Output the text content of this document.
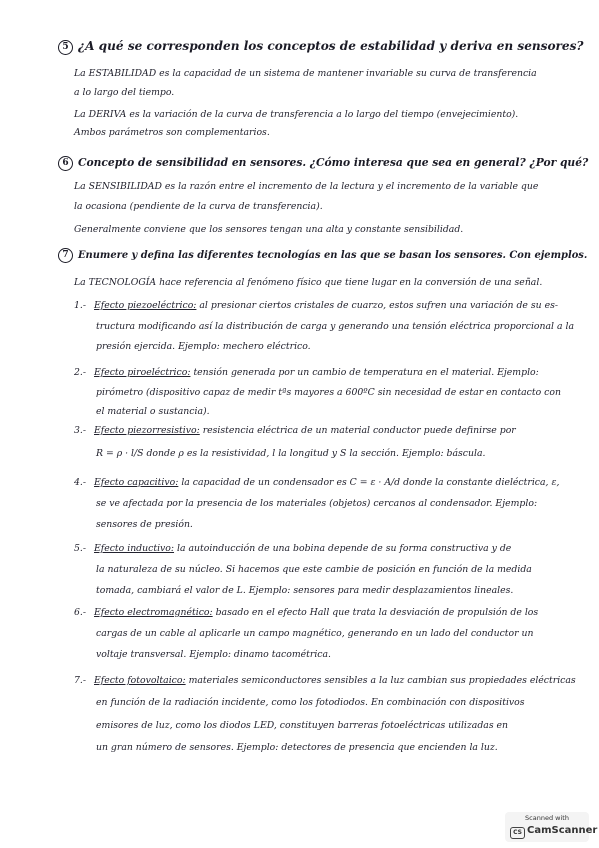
5 ¿A qué se corresponden los conceptos de estabilidad y deriva en sensores?
La ESTABILIDAD es la capacidad de un sistema de mantener invariable su curva de transferencia
a lo largo del tiempo.
La DERIVA es la variación de la curva de transferencia a lo largo del tiempo (envejecimiento).
Ambos parámetros son complementarios.
6 Concepto de sensibilidad en sensores. ¿Cómo interesa que sea en general? ¿Por qué?
La SENSIBILIDAD es la razón entre el incremento de la lectura y el incremento de la variable que
la ocasiona (pendiente de la curva de transferencia).
Generalmente conviene que los sensores tengan una alta y constante sensibilidad.
7 Enumere y defina las diferentes tecnologías en las que se basan los sensores. Con ejemplos.
La TECNOLOGÍA hace referencia al fenómeno físico que tiene lugar en la conversión de una señal.
1.- Efecto piezoeléctrico: al presionar ciertos cristales de cuarzo, estos sufren una variación de su es-
tructura modificando así la distribución de carga y generando una tensión eléctrica proporcional a la
presión ejercida. Ejemplo: mechero eléctrico.
2.- Efecto piroeléctrico: tensión generada por un cambio de temperatura en el material. Ejemplo:
pirómetro (dispositivo capaz de medir tªs mayores a 600ºC sin necesidad de estar en contacto con
el material o sustancia).
3.- Efecto piezorresistivo: resistencia eléctrica de un material conductor puede definirse por
R = ρ · l/S donde ρ es la resistividad, l la longitud y S la sección. Ejemplo: báscula.
4.- Efecto capacitivo: la capacidad de un condensador es C = ε · A/d donde la constante dieléctrica, ε,
se ve afectada por la presencia de los materiales (objetos) cercanos al condensador. Ejemplo:
sensores de presión.
5.- Efecto inductivo: la autoinducción de una bobina depende de su forma constructiva y de
la naturaleza de su núcleo. Si hacemos que este cambie de posición en función de la medida
tomada, cambiará el valor de L. Ejemplo: sensores para medir desplazamientos lineales.
6.- Efecto electromagnético: basado en el efecto Hall que trata la desviación de propulsión de los
cargas de un cable al aplicarle un campo magnético, generando en un lado del conductor un
voltaje transversal. Ejemplo: dinamo tacométrica.
7.- Efecto fotovoltaico: materiales semiconductores sensibles a la luz cambian sus propiedades eléctricas
en función de la radiación incidente, como los fotodiodos. En combinación con dispositivos
emisores de luz, como los diodos LED, constituyen barreras fotoeléctricas utilizadas en
un gran número de sensores. Ejemplo: detectores de presencia que encienden la luz.
Scanned with
CS CamScanner
